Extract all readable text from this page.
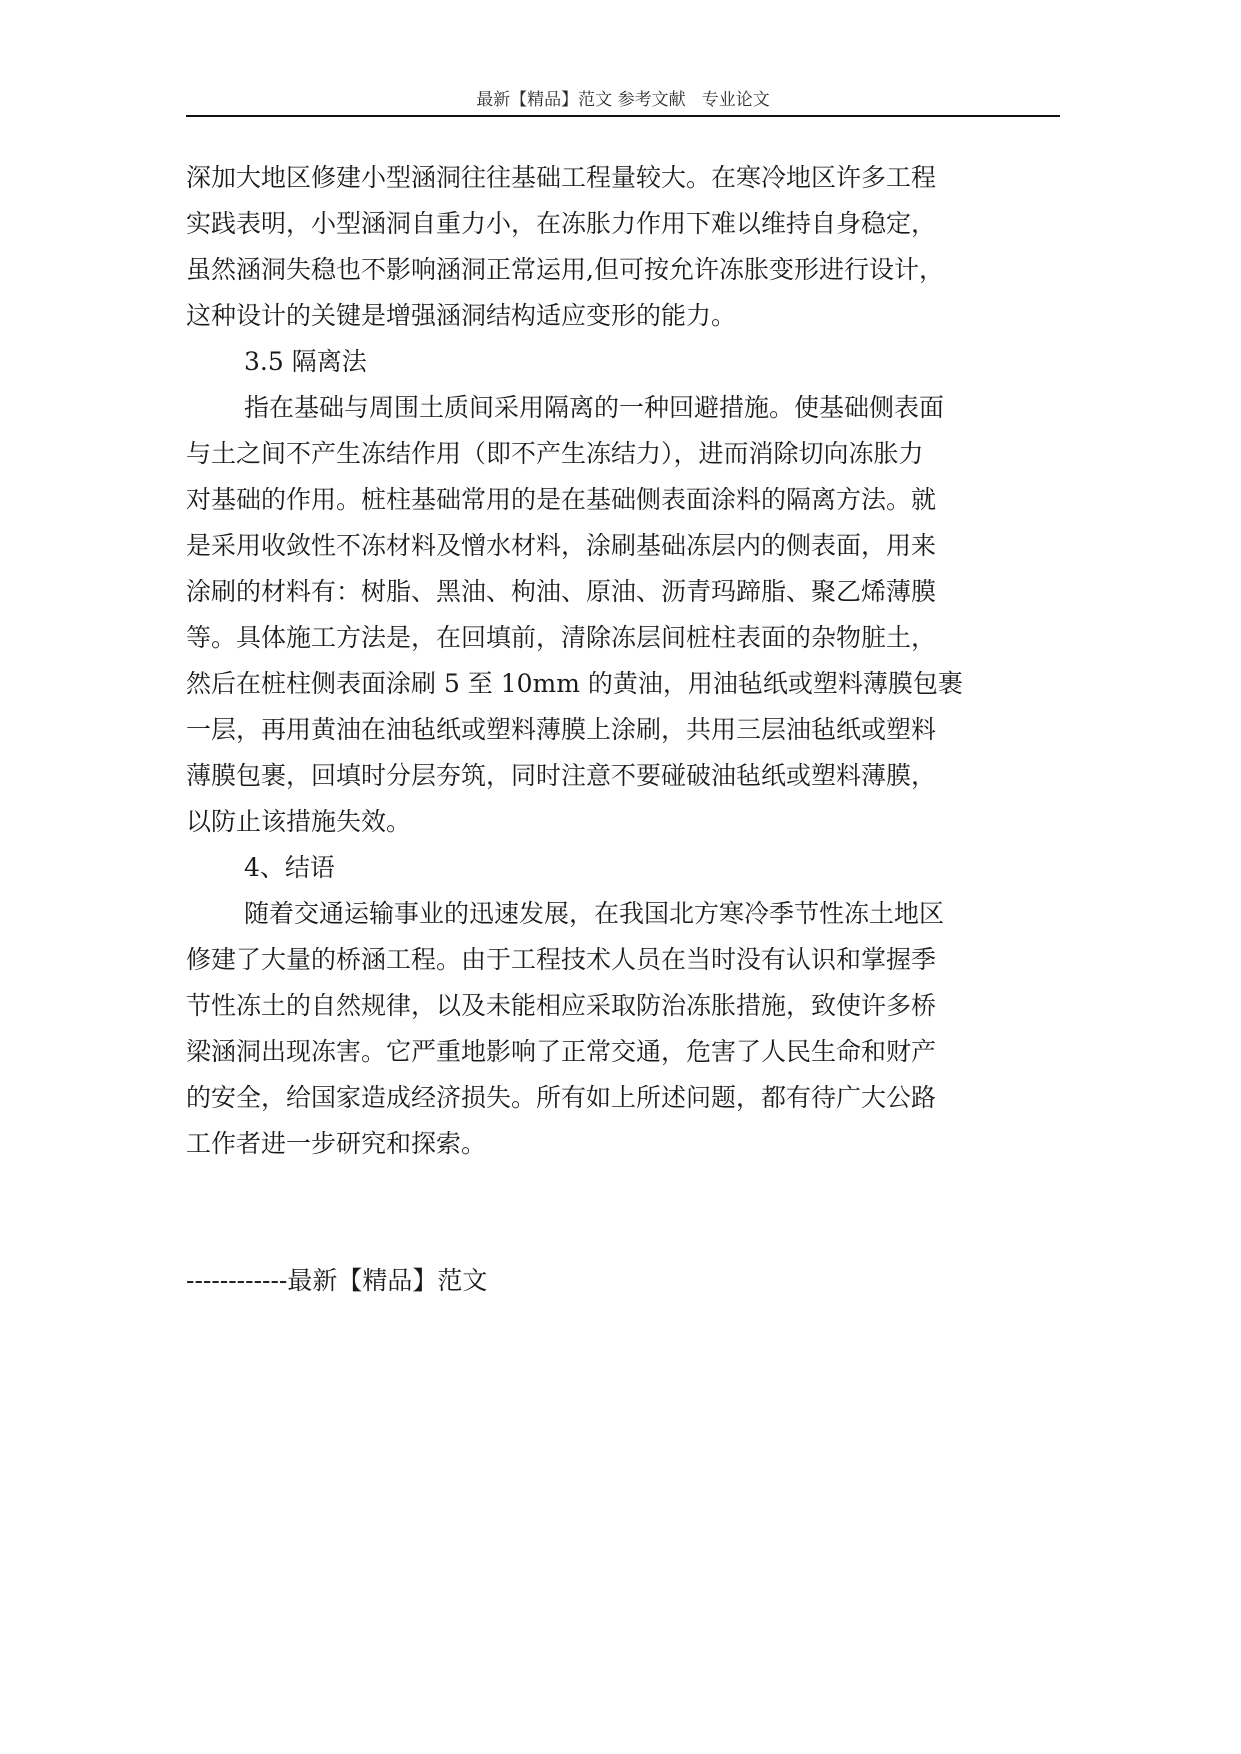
最新【精品】范文 参考文献   专业论文
深加大地区修建小型涵洞往往基础工程量较大。在寒冷地区许多工程
实践表明，小型涵洞自重力小，在冻胀力作用下难以维持自身稳定，
虽然涵洞失稳也不影响涵洞正常运用,但可按允许冻胀变形进行设计，
这种设计的关键是增强涵洞结构适应变形的能力。
3.5 隔离法
指在基础与周围土质间采用隔离的一种回避措施。使基础侧表面
与土之间不产生冻结作用（即不产生冻结力），进而消除切向冻胀力
对基础的作用。桩柱基础常用的是在基础侧表面涂料的隔离方法。就
是采用收敛性不冻材料及憎水材料，涂刷基础冻层内的侧表面，用来
涂刷的材料有：树脂、黑油、枸油、原油、沥青玛蹄脂、聚乙烯薄膜
等。具体施工方法是，在回填前，清除冻层间桩柱表面的杂物脏土，
然后在桩柱侧表面涂刷 5 至 10mm 的黄油，用油毡纸或塑料薄膜包裹
一层，再用黄油在油毡纸或塑料薄膜上涂刷，共用三层油毡纸或塑料
薄膜包裹，回填时分层夯筑，同时注意不要碰破油毡纸或塑料薄膜，
以防止该措施失效。
4、结语
随着交通运输事业的迅速发展，在我国北方寒冷季节性冻土地区
修建了大量的桥涵工程。由于工程技术人员在当时没有认识和掌握季
节性冻土的自然规律，以及未能相应采取防治冻胀措施，致使许多桥
梁涵洞出现冻害。它严重地影响了正常交通，危害了人民生命和财产
的安全，给国家造成经济损失。所有如上所述问题，都有待广大公路
工作者进一步研究和探索。
------------最新【精品】范文
